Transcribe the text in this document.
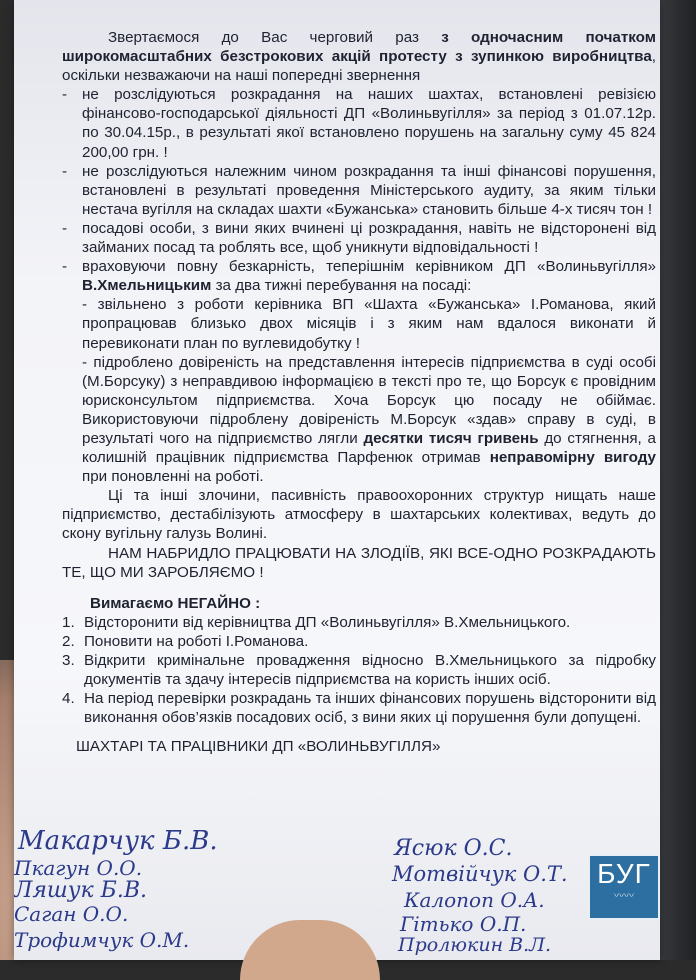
Звертаємося до Вас черговий раз з одночасним початком широкомасштабних безстрокових акцій протесту з зупинкою виробництва, оскільки незважаючи на наші попередні звернення

- не розслідуються розкрадання на наших шахтах, встановлені ревізією фінансово-господарської діяльності ДП «Волиньвугілля» за період з 01.07.12р. по 30.04.15р., в результаті якої встановлено порушень на загальну суму 45 824 200,00 грн. !

- не розслідуються належним чином розкрадання та інші фінансові порушення, встановлені в результаті проведення Міністерського аудиту, за яким тільки нестача вугілля на складах шахти «Бужанська» становить більше 4-х тисяч тон !

- посадові особи, з вини яких вчинені ці розкрадання, навіть не відсторонені від займаних посад та роблять все, щоб уникнути відповідальності !

- враховуючи повну безкарність, теперішнім керівником ДП «Волиньвугілля» В.Хмельницьким за два тижні перебування на посаді:

- звільнено з роботи керівника ВП «Шахта «Бужанська» І.Романова, який пропрацював близько двох місяців і з яким нам вдалося виконати й перевиконати план по вуглевидобутку !

- підроблено довіреність на представлення інтересів підприємства в суді особі (М.Борсуку) з неправдивою інформацією в тексті про те, що Борсук є провідним юрисконсультом підприємства. Хоча Борсук цю посаду не обіймає. Використовуючи підроблену довіреність М.Борсук «здав» справу в суді, в результаті чого на підприємство лягли десятки тисяч гривень до стягнення, а колишній працівник підприємства Парфенюк отримав неправомірну вигоду при поновленні на роботі.

Ці та інші злочини, пасивність правоохоронних структур нищать наше підприємство, дестабілізують атмосферу в шахтарських колективах, ведуть до скону вугільну галузь Волині.

НАМ НАБРИДЛО ПРАЦЮВАТИ НА ЗЛОДІЇВ, ЯКІ ВСЕ-ОДНО РОЗКРАДАЮТЬ ТЕ, ЩО МИ ЗАРОБЛЯЄМО !

Вимагаємо НЕГАЙНО :

1. Відсторонити від керівництва ДП «Волиньвугілля» В.Хмельницького.

2. Поновити на роботі І.Романова.

3. Відкрити кримінальне провадження відносно В.Хмельницького за підробку документів та здачу інтересів підприємства на користь інших осіб.

4. На період перевірки розкрадань та інших фінансових порушень відсторонити від виконання обов’язків посадових осіб, з вини яких ці порушення були допущені.

ШАХТАРІ ТА ПРАЦІВНИКИ ДП «ВОЛИНЬВУГІЛЛЯ»

Макарчук Б.В.
Пкагун О.О.
Ляшук Б.В.
Саган О.О.
Трофимчук О.М.
Ясюк О.С.
Мотвійчук О.Т.
Калопоп О.А.
Гітько О.П.
Пролюкин В.Л.
БУГ
〰〰
